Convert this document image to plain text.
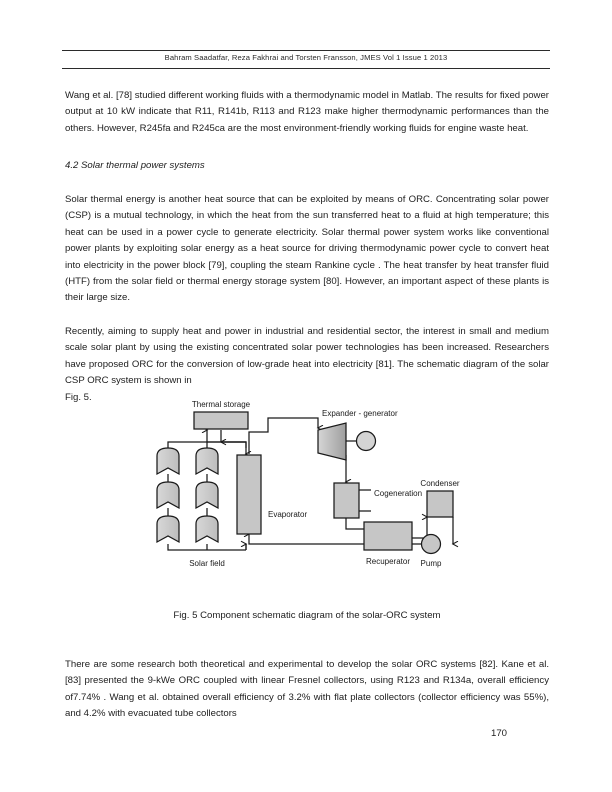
Bahram Saadatfar, Reza Fakhrai and Torsten Fransson, JMES Vol 1 Issue 1 2013
Wang et al. [78] studied different working fluids with a thermodynamic model in Matlab. The results for fixed power output at 10 kW indicate that R11, R141b, R113 and R123 make higher thermodynamic performances than the others. However, R245fa and R245ca are the most environment-friendly working fluids for engine waste heat.
4.2 Solar thermal power systems
Solar thermal energy is another heat source that can be exploited by means of ORC. Concentrating solar power (CSP) is a mutual technology, in which the heat from the sun transferred heat to a fluid at high temperature; this heat can be used in a power cycle to generate electricity. Solar thermal power system works like conventional power plants by exploiting solar energy as a heat source for driving thermodynamic power cycle to convert heat into electricity in the power block [79], coupling the steam Rankine cycle . The heat transfer by heat transfer fluid (HTF) from the solar field or thermal energy storage system [80]. However, an important aspect of these plants is their large size.
Recently, aiming to supply heat and power in industrial and residential sector, the interest in small and medium scale solar plant by using the existing concentrated solar power technologies has been increased. Researchers have proposed ORC for the conversion of low-grade heat into electricity [81]. The schematic diagram of the solar CSP ORC system is shown in
Fig. 5.
Thermal storage
Solar field
Evaporator
Expander - generator
Cogeneration
Condenser
Recuperator Pump
Fig. 5 Component schematic diagram of the solar-ORC system
There are some research both theoretical and experimental to develop the solar ORC systems [82]. Kane et al. [83] presented the 9-kWe ORC coupled with linear Fresnel collectors, using R123 and R134a, overall efficiency of7.74% . Wang et al. obtained overall efficiency of 3.2% with flat plate collectors (collector efficiency was 55%), and 4.2% with evacuated tube collectors
170
